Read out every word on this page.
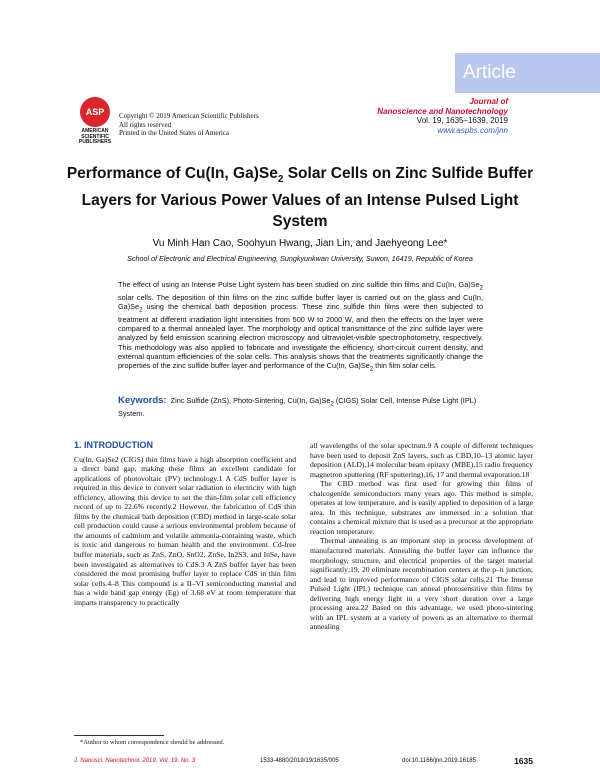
Article
ASP
AMERICAN
SCIENTIFIC
PUBLISHERS
Copyright © 2019 American Scientific Publishers
All rights reserved
Printed in the United States of America
Journal of
Nanoscience and Nanotechnology
Vol. 19, 1635–1639, 2019
www.aspbs.com/jnn
Performance of Cu(In, $Ga)Se_2$ Solar Cells on Zinc Sulfide Buffer Layers for Various Power Values of an Intense Pulsed Light System
Vu Minh Han Cao, Soohyun Hwang, Jian Lin, and Jaehyeong Lee*
School of Electronic and Electrical Engineering, Sungkyunkwan University, Suwon, 16419, Republic of Korea
The effect of using an Intense Pulse Light system has been studied on zinc sulfide thin films and Cu(In, $Ga)Se_2$ solar cells. The deposition of thin films on the zinc sulfide buffer layer is carried out on the glass and Cu(In, $Ga)Se_2$ using the chemical bath deposition process. These zinc sulfide thin films were then subjected to treatment at different irradiation light intensities from 500 W to 2000 W, and then the effects on the layer were compared to a thermal annealed layer. The morphology and optical transmittance of the zinc sulfide layer were analyzed by field emission scanning electron microscopy and ultraviolet-visible spectrophotometry, respectively. This methodology was also applied to fabricate and investigate the efficiency, short-circuit current density, and external quantum efficiencies of the solar cells. This analysis shows that the treatments significantly change the properties of the zinc sulfide buffer layer and performance of the Cu(In, $Ga)Se_2$ thin film solar cells.
Keywords: Zinc Sulfide (ZnS), Photo-Sintering, Cu(In, $Ga)Se_2$ (CIGS) Solar Cell, Intense Pulse Light (IPL) System.
1. INTRODUCTION

Cu(In, Ga)Se2 (CIGS) thin films have a high absorption coefficient and a direct band gap, making these films an excellent candidate for applications of photovoltaic (PV) technology.1 A CdS buffer layer is required in this device to convert solar radiation to electricity with high efficiency, allowing this device to set the thin-film solar cell efficiency record of up to 22.6% recently.2 However, the fabrication of CdS thin films by the chemical bath deposition (CBD) method in large-scale solar cell production could cause a serious environmental problem because of the amounts of cadmium and volatile ammonia-containing waste, which is toxic and dangerous to human health and the environment. Cd-free buffer materials, such as ZnS, ZnO, SnO2, ZnSe, In2S3, and InSe, have been investigated as alternatives to CdS.3 A ZnS buffer layer has been considered the most promising buffer layer to replace CdS in thin film solar cells.4–8 This compound is a II–VI semiconducting material and has a wide band gap energy (Eg) of 3.68 eV at room temperature that imparts transparency to practically

all wavelengths of the solar spectrum.9 A couple of different techniques have been used to deposit ZnS layers, such as CBD,10–13 atomic layer deposition (ALD),14 molecular beam epitaxy (MBE),15 radio frequency magnetron sputtering (RF sputtering),16, 17 and thermal evaporation.18

The CBD method was first used for growing thin films of chalcogenide semiconductors many years ago. This method is simple, operates at low temperature, and is easily applied to deposition of a large area. In this technique, substrates are immersed in a solution that contains a chemical mixture that is used as a precursor at the appropriate reaction temperature.

Thermal annealing is an important step in process development of manufactured materials. Annealing the buffer layer can influence the morphology, structure, and electrical properties of the target material significantly;19, 20 eliminate recombination centers at the p–n junction; and lead to improved performance of CIGS solar cells.21 The Intense Pulsed Light (IPL) technique can anneal photosensitive thin films by delivering high energy light in a very short duration over a large processing area.22 Based on this advantage, we used photo-sintering with an IPL system at a variety of powers as an alternative to thermal annealing

*Author to whom correspondence should be addressed.
J. Nanosci. Nanotechnol. 2019, Vol. 19, No. 3	1533-4880/2019/19/1635/005	doi:10.1166/jnn.2019.16185	1635
